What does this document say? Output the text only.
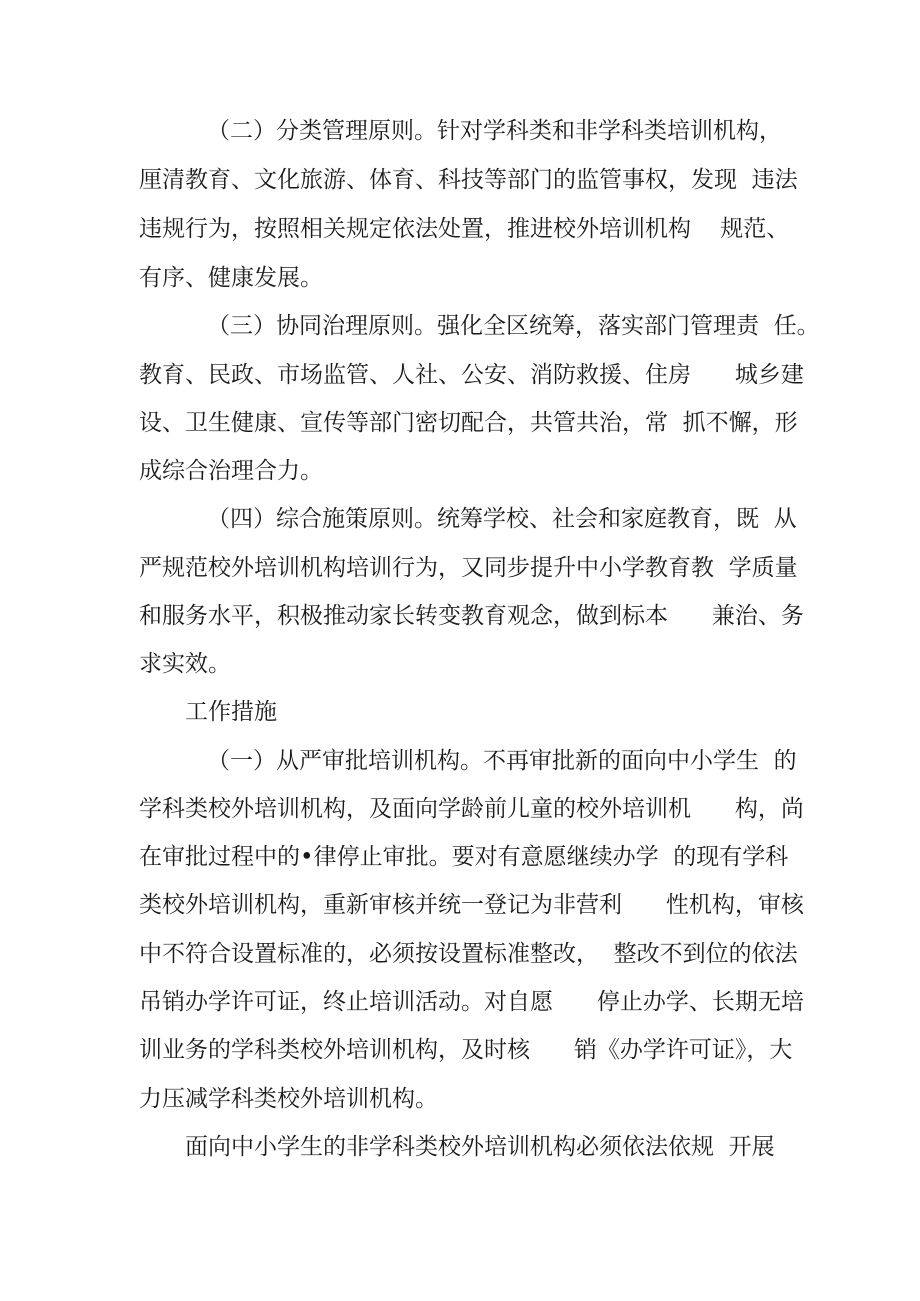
（二）分类管理原则。针对学科类和非学科类培训机构，
厘清教育、文化旅游、体育、科技等部门的监管事权，发现  违法
违规行为，按照相关规定依法处置，推进校外培训机构    规范、
有序、健康发展。
（三）协同治理原则。强化全区统筹，落实部门管理责  任。
教育、民政、市场监管、人社、公安、消防救援、住房      城乡建
设、卫生健康、宣传等部门密切配合，共管共治，常  抓不懈，形
成综合治理合力。
（四）综合施策原则。统筹学校、社会和家庭教育，既  从
严规范校外培训机构培训行为，又同步提升中小学教育教  学质量
和服务水平，积极推动家长转变教育观念，做到标本      兼治、务
求实效。
工作措施
（一）从严审批培训机构。不再审批新的面向中小学生  的
学科类校外培训机构，及面向学龄前儿童的校外培训机      构，尚
在审批过程中的•律停止审批。要对有意愿继续办学  的现有学科
类校外培训机构，重新审核并统一登记为非营利      性机构，审核
中不符合设置标准的，必须按设置标准整改，  整改不到位的依法
吊销办学许可证，终止培训活动。对自愿      停止办学、长期无培
训业务的学科类校外培训机构，及时核      销《办学许可证》，大
力压减学科类校外培训机构。
面向中小学生的非学科类校外培训机构必须依法依规  开展
